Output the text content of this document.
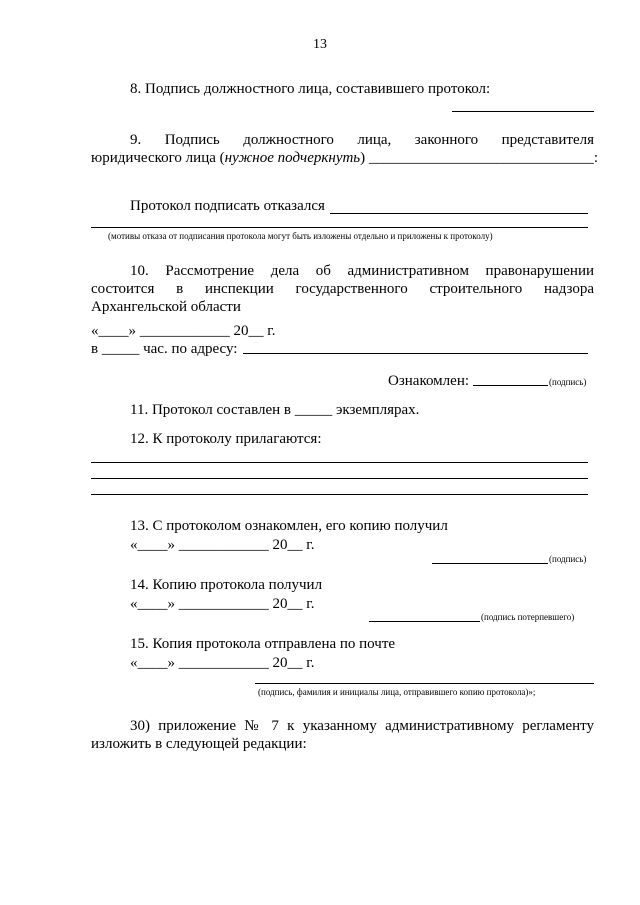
13
8. Подпись должностного лица, составившего протокол:
9. Подпись должностного лица, законного представителя
юридического лица (нужное подчеркнуть) ______________________________:
Протокол подписать отказался
(мотивы отказа от подписания протокола могут быть изложены отдельно и приложены к протоколу)
10. Рассмотрение дела об административном правонарушении
состоится в инспекции государственного строительного надзора
Архангельской области
«____» ____________ 20__ г.
в _____ час. по адресу:
Ознакомлен:	(подпись)
11. Протокол составлен в _____ экземплярах.
12. К протоколу прилагаются:
13. С протоколом ознакомлен, его копию получил
«____» ____________ 20__ г.
(подпись)
14. Копию протокола получил
«____» ____________ 20__ г.
(подпись потерпевшего)
15. Копия протокола отправлена по почте
«____» ____________ 20__ г.
(подпись, фамилия и инициалы лица, отправившего копию протокола)»;
30) приложение № 7 к указанному административному регламенту
изложить в следующей редакции:
